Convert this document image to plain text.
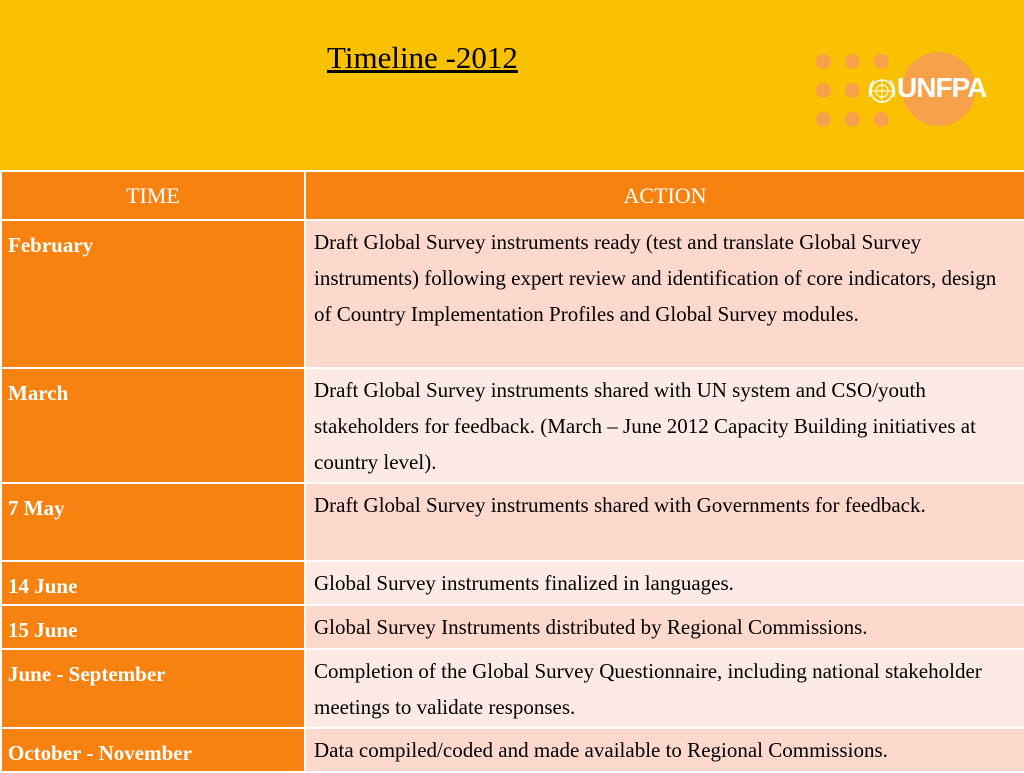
Timeline -2012
UNFPA
TIME	ACTION
February	Draft Global Survey instruments ready (test and translate Global Survey instruments) following expert review and identification of core indicators, design of Country Implementation Profiles and Global Survey modules.
March	Draft Global Survey instruments shared with UN system and CSO/youth stakeholders for feedback. (March – June 2012 Capacity Building initiatives at country level).
7 May	Draft Global Survey instruments shared with Governments for feedback.
14 June	Global Survey instruments finalized in languages.
15 June	Global Survey Instruments distributed by Regional Commissions.
June - September	Completion of the Global Survey Questionnaire, including national stakeholder meetings to validate responses.
October - November	Data compiled/coded and made available to Regional Commissions.
